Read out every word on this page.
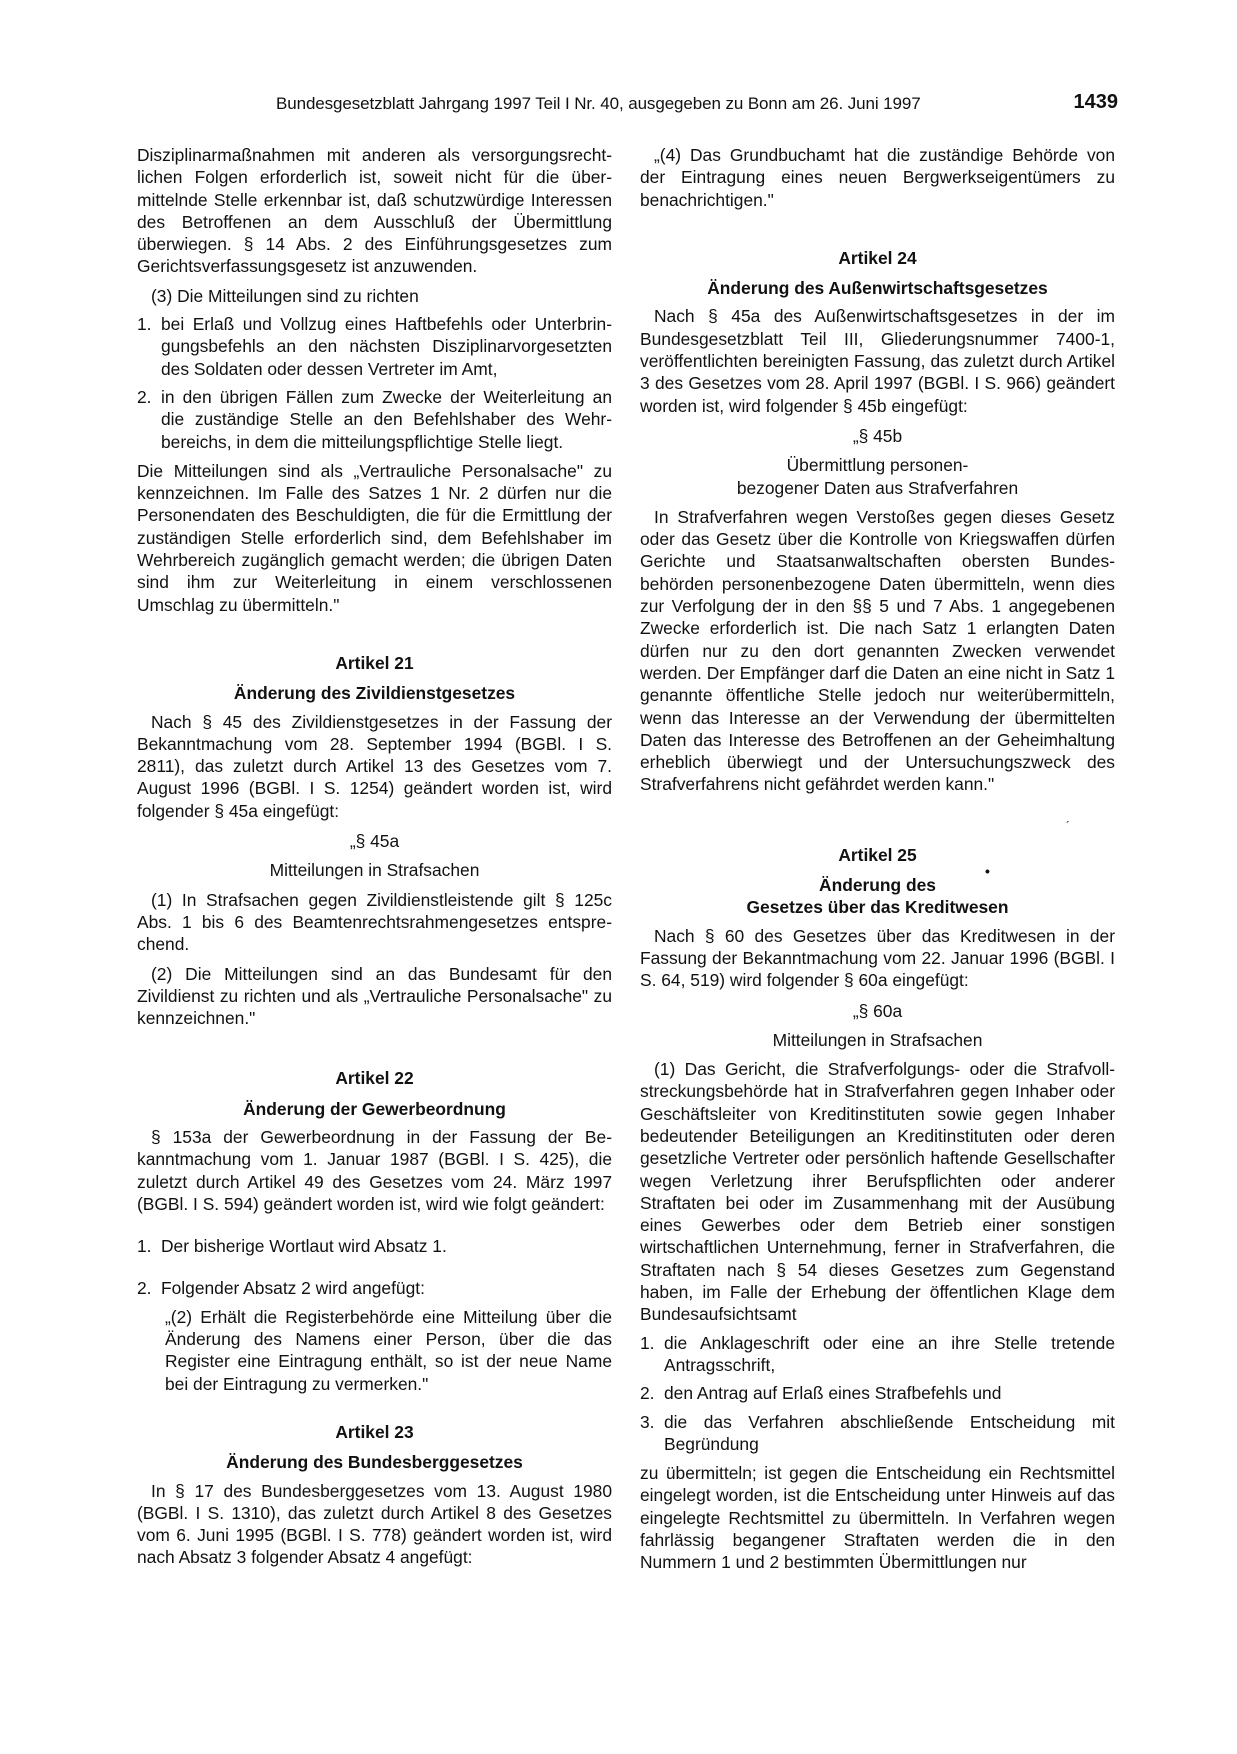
Bundesgesetzblatt Jahrgang 1997 Teil I Nr. 40, ausgegeben zu Bonn am 26. Juni 1997	1439

Disziplinarmaßnahmen mit anderen als versorgungsrechtlichen Folgen erforderlich ist, soweit nicht für die übermittelnde Stelle erkennbar ist, daß schutzwürdige Interessen des Betroffenen an dem Ausschluß der Übermittlung überwiegen. § 14 Abs. 2 des Einführungsgesetzes zum Gerichtsverfassungsgesetz ist anzuwenden.

(3) Die Mitteilungen sind zu richten

1. bei Erlaß und Vollzug eines Haftbefehls oder Unterbringungsbefehls an den nächsten Disziplinarvorgesetzten des Soldaten oder dessen Vertreter im Amt,
2. in den übrigen Fällen zum Zwecke der Weiterleitung an die zuständige Stelle an den Befehlshaber des Wehrbereichs, in dem die mitteilungspflichtige Stelle liegt.

Die Mitteilungen sind als „Vertrauliche Personalsache" zu kennzeichnen. Im Falle des Satzes 1 Nr. 2 dürfen nur die Personendaten des Beschuldigten, die für die Ermittlung der zuständigen Stelle erforderlich sind, dem Befehlshaber im Wehrbereich zugänglich gemacht werden; die übrigen Daten sind ihm zur Weiterleitung in einem verschlossenen Umschlag zu übermitteln."

Artikel 21
Änderung des Zivildienstgesetzes

Nach § 45 des Zivildienstgesetzes in der Fassung der Bekanntmachung vom 28. September 1994 (BGBl. I S. 2811), das zuletzt durch Artikel 13 des Gesetzes vom 7. August 1996 (BGBl. I S. 1254) geändert worden ist, wird folgender § 45a eingefügt:

„§ 45a
Mitteilungen in Strafsachen

(1) In Strafsachen gegen Zivildienstleistende gilt § 125c Abs. 1 bis 6 des Beamtenrechtsrahmengesetzes entsprechend.

(2) Die Mitteilungen sind an das Bundesamt für den Zivildienst zu richten und als „Vertrauliche Personalsache" zu kennzeichnen."

Artikel 22
Änderung der Gewerbeordnung

§ 153a der Gewerbeordnung in der Fassung der Bekanntmachung vom 1. Januar 1987 (BGBl. I S. 425), die zuletzt durch Artikel 49 des Gesetzes vom 24. März 1997 (BGBl. I S. 594) geändert worden ist, wird wie folgt geändert:

1. Der bisherige Wortlaut wird Absatz 1.
2. Folgender Absatz 2 wird angefügt:

„(2) Erhält die Registerbehörde eine Mitteilung über die Änderung des Namens einer Person, über die das Register eine Eintragung enthält, so ist der neue Name bei der Eintragung zu vermerken."

Artikel 23
Änderung des Bundesberggesetzes

In § 17 des Bundesberggesetzes vom 13. August 1980 (BGBl. I S. 1310), das zuletzt durch Artikel 8 des Gesetzes vom 6. Juni 1995 (BGBl. I S. 778) geändert worden ist, wird nach Absatz 3 folgender Absatz 4 angefügt:

„(4) Das Grundbuchamt hat die zuständige Behörde von der Eintragung eines neuen Bergwerkseigentümers zu benachrichtigen."

Artikel 24
Änderung des Außenwirtschaftsgesetzes

Nach § 45a des Außenwirtschaftsgesetzes in der im Bundesgesetzblatt Teil III, Gliederungsnummer 7400-1, veröffentlichten bereinigten Fassung, das zuletzt durch Artikel 3 des Gesetzes vom 28. April 1997 (BGBl. I S. 966) geändert worden ist, wird folgender § 45b eingefügt:

„§ 45b
Übermittlung personen-
bezogener Daten aus Strafverfahren

In Strafverfahren wegen Verstoßes gegen dieses Gesetz oder das Gesetz über die Kontrolle von Kriegswaffen dürfen Gerichte und Staatsanwaltschaften obersten Bundesbehörden personenbezogene Daten übermitteln, wenn dies zur Verfolgung der in den §§ 5 und 7 Abs. 1 angegebenen Zwecke erforderlich ist. Die nach Satz 1 erlangten Daten dürfen nur zu den dort genannten Zwecken verwendet werden. Der Empfänger darf die Daten an eine nicht in Satz 1 genannte öffentliche Stelle jedoch nur weiterübermitteln, wenn das Interesse an der Verwendung der übermittelten Daten das Interesse des Betroffenen an der Geheimhaltung erheblich überwiegt und der Untersuchungszweck des Strafverfahrens nicht gefährdet werden kann."

Artikel 25
Änderung des
Gesetzes über das Kreditwesen

Nach § 60 des Gesetzes über das Kreditwesen in der Fassung der Bekanntmachung vom 22. Januar 1996 (BGBl. I S. 64, 519) wird folgender § 60a eingefügt:

„§ 60a
Mitteilungen in Strafsachen

(1) Das Gericht, die Strafverfolgungs- oder die Strafvollstreckungsbehörde hat in Strafverfahren gegen Inhaber oder Geschäftsleiter von Kreditinstituten sowie gegen Inhaber bedeutender Beteiligungen an Kreditinstituten oder deren gesetzliche Vertreter oder persönlich haftende Gesellschafter wegen Verletzung ihrer Berufspflichten oder anderer Straftaten bei oder im Zusammenhang mit der Ausübung eines Gewerbes oder dem Betrieb einer sonstigen wirtschaftlichen Unternehmung, ferner in Strafverfahren, die Straftaten nach § 54 dieses Gesetzes zum Gegenstand haben, im Falle der Erhebung der öffentlichen Klage dem Bundesaufsichtsamt

1. die Anklageschrift oder eine an ihre Stelle tretende Antragsschrift,
2. den Antrag auf Erlaß eines Strafbefehls und
3. die das Verfahren abschließende Entscheidung mit Begründung

zu übermitteln; ist gegen die Entscheidung ein Rechtsmittel eingelegt worden, ist die Entscheidung unter Hinweis auf das eingelegte Rechtsmittel zu übermitteln. In Verfahren wegen fahrlässig begangener Straftaten werden die in den Nummern 1 und 2 bestimmten Übermittlungen nur

•
ˏ
